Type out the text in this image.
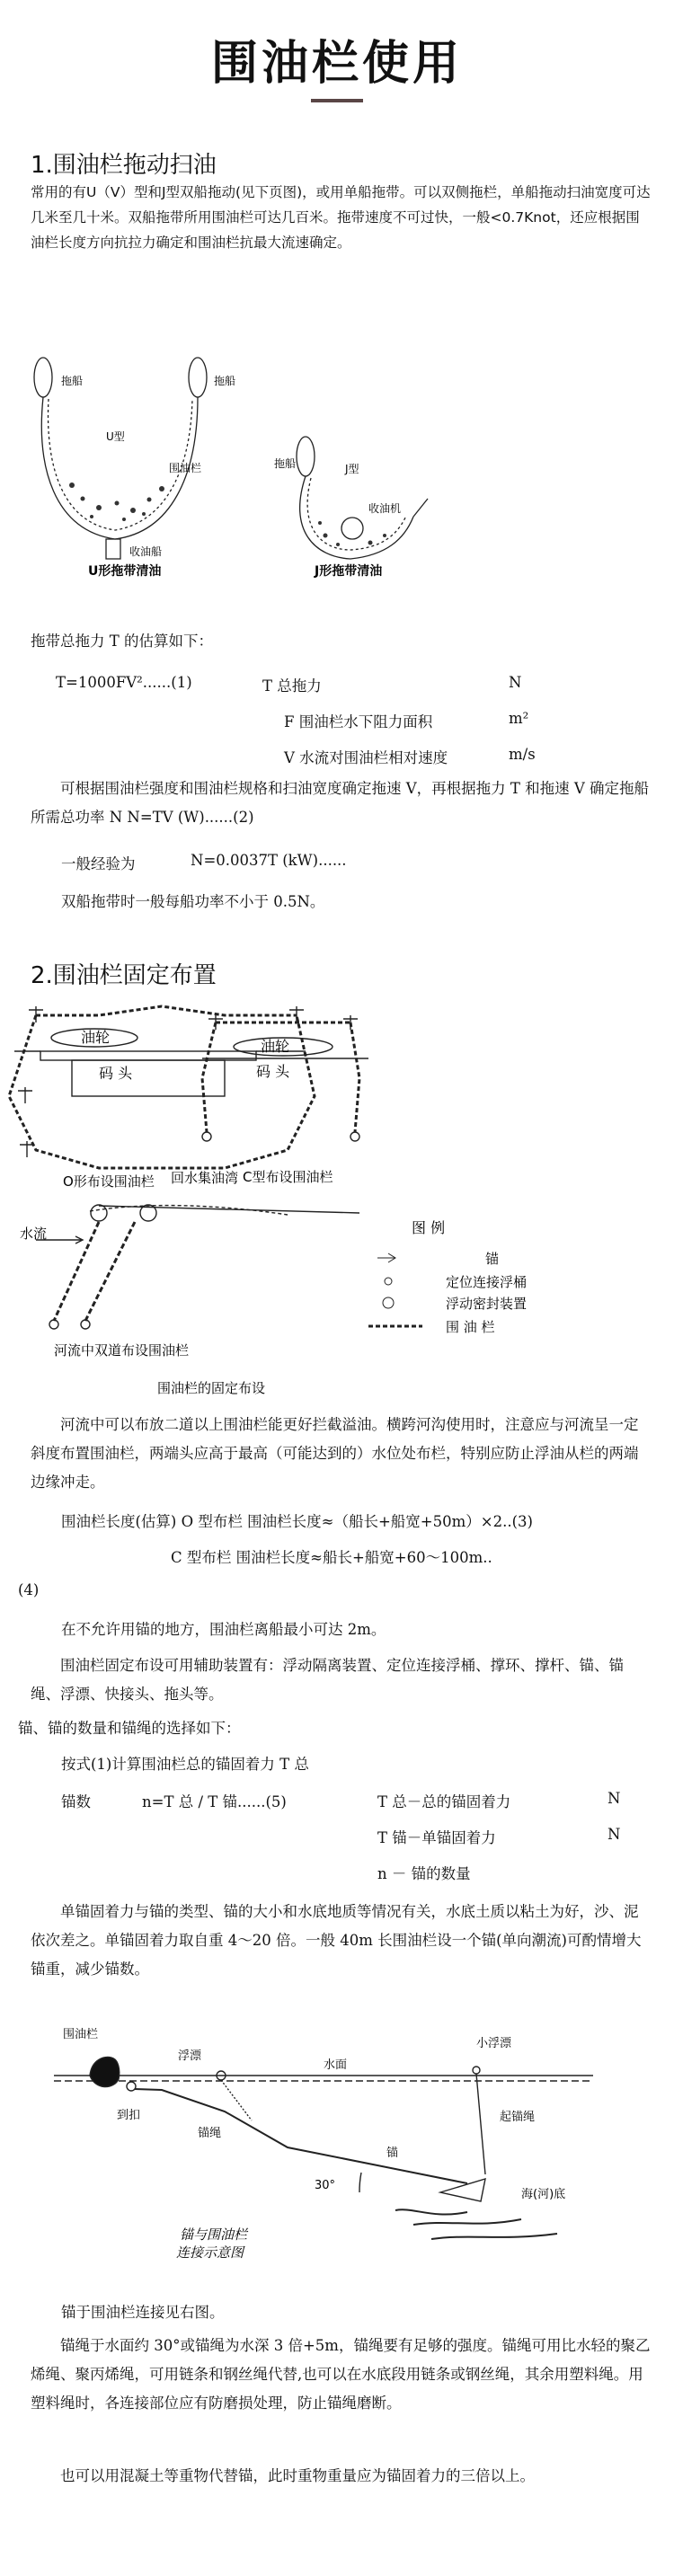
围油栏使用
1.围油栏拖动扫油
常用的有U（V）型和J型双船拖动(见下页图)，或用单船拖带。可以双侧拖栏，单船拖动扫油宽度可达几米至几十米。双船拖带所用围油栏可达几百米。拖带速度不可过快，一般<0.7Knot，还应根据围油栏长度方向抗拉力确定和围油栏抗最大流速确定。
拖船	拖船
U型
围油栏
收油船
U形拖带清油
拖船	J型
收油机
J形拖带清油
拖带总拖力 T 的估算如下：
T=1000FV²......(1)	T 总拖力	N
F 围油栏水下阻力面积	m²
V 水流对围油栏相对速度	m/s
可根据围油栏强度和围油栏规格和扫油宽度确定拖速 V，再根据拖力 T 和拖速 V 确定拖船所需总功率 N N=TV (W)......(2)
一般经验为	N=0.0037T (kW)......
双船拖带时一般每船功率不小于 0.5N。
2.围油栏固定布置
油轮
码 头
O形布设围油栏
油轮
码 头
C型布设围油栏
回水集油湾
水流
河流中双道布设围油栏
图 例
锚
定位连接浮桶
浮动密封装置
围 油 栏
围油栏的固定布设
河流中可以布放二道以上围油栏能更好拦截溢油。横跨河沟使用时，注意应与河流呈一定斜度布置围油栏，两端头应高于最高（可能达到的）水位处布栏，特别应防止浮油从栏的两端边缘冲走。
围油栏长度(估算) O 型布栏 围油栏长度≈（船长+船宽+50m）×2..(3)
C 型布栏 围油栏长度≈船长+船宽+60～100m..
(4)
在不允许用锚的地方，围油栏离船最小可达 2m。
围油栏固定布设可用辅助装置有：浮动隔离装置、定位连接浮桶、撑环、撑杆、锚、锚绳、浮漂、快接头、拖头等。
锚、锚的数量和锚绳的选择如下：
按式(1)计算围油栏总的锚固着力 T 总
锚数	n=T 总 / T 锚......(5)	T 总－总的锚固着力	N
T 锚－单锚固着力	N
n － 锚的数量
单锚固着力与锚的类型、锚的大小和水底地质等情况有关，水底土质以粘土为好，沙、泥依次差之。单锚固着力取自重 4～20 倍。一般 40m 长围油栏设一个锚(单向潮流)可酌情增大锚重，减少锚数。
围油栏
浮漂
水面
小浮漂
到扣
锚绳
锚
起锚绳
30°
海(河)底
锚与围油栏
连接示意图
锚于围油栏连接见右图。
锚绳于水面约 30°或锚绳为水深 3 倍+5m，锚绳要有足够的强度。锚绳可用比水轻的聚乙烯绳、聚丙烯绳，可用链条和钢丝绳代替,也可以在水底段用链条或钢丝绳，其余用塑料绳。用塑料绳时，各连接部位应有防磨损处理，防止锚绳磨断。
也可以用混凝土等重物代替锚，此时重物重量应为锚固着力的三倍以上。
